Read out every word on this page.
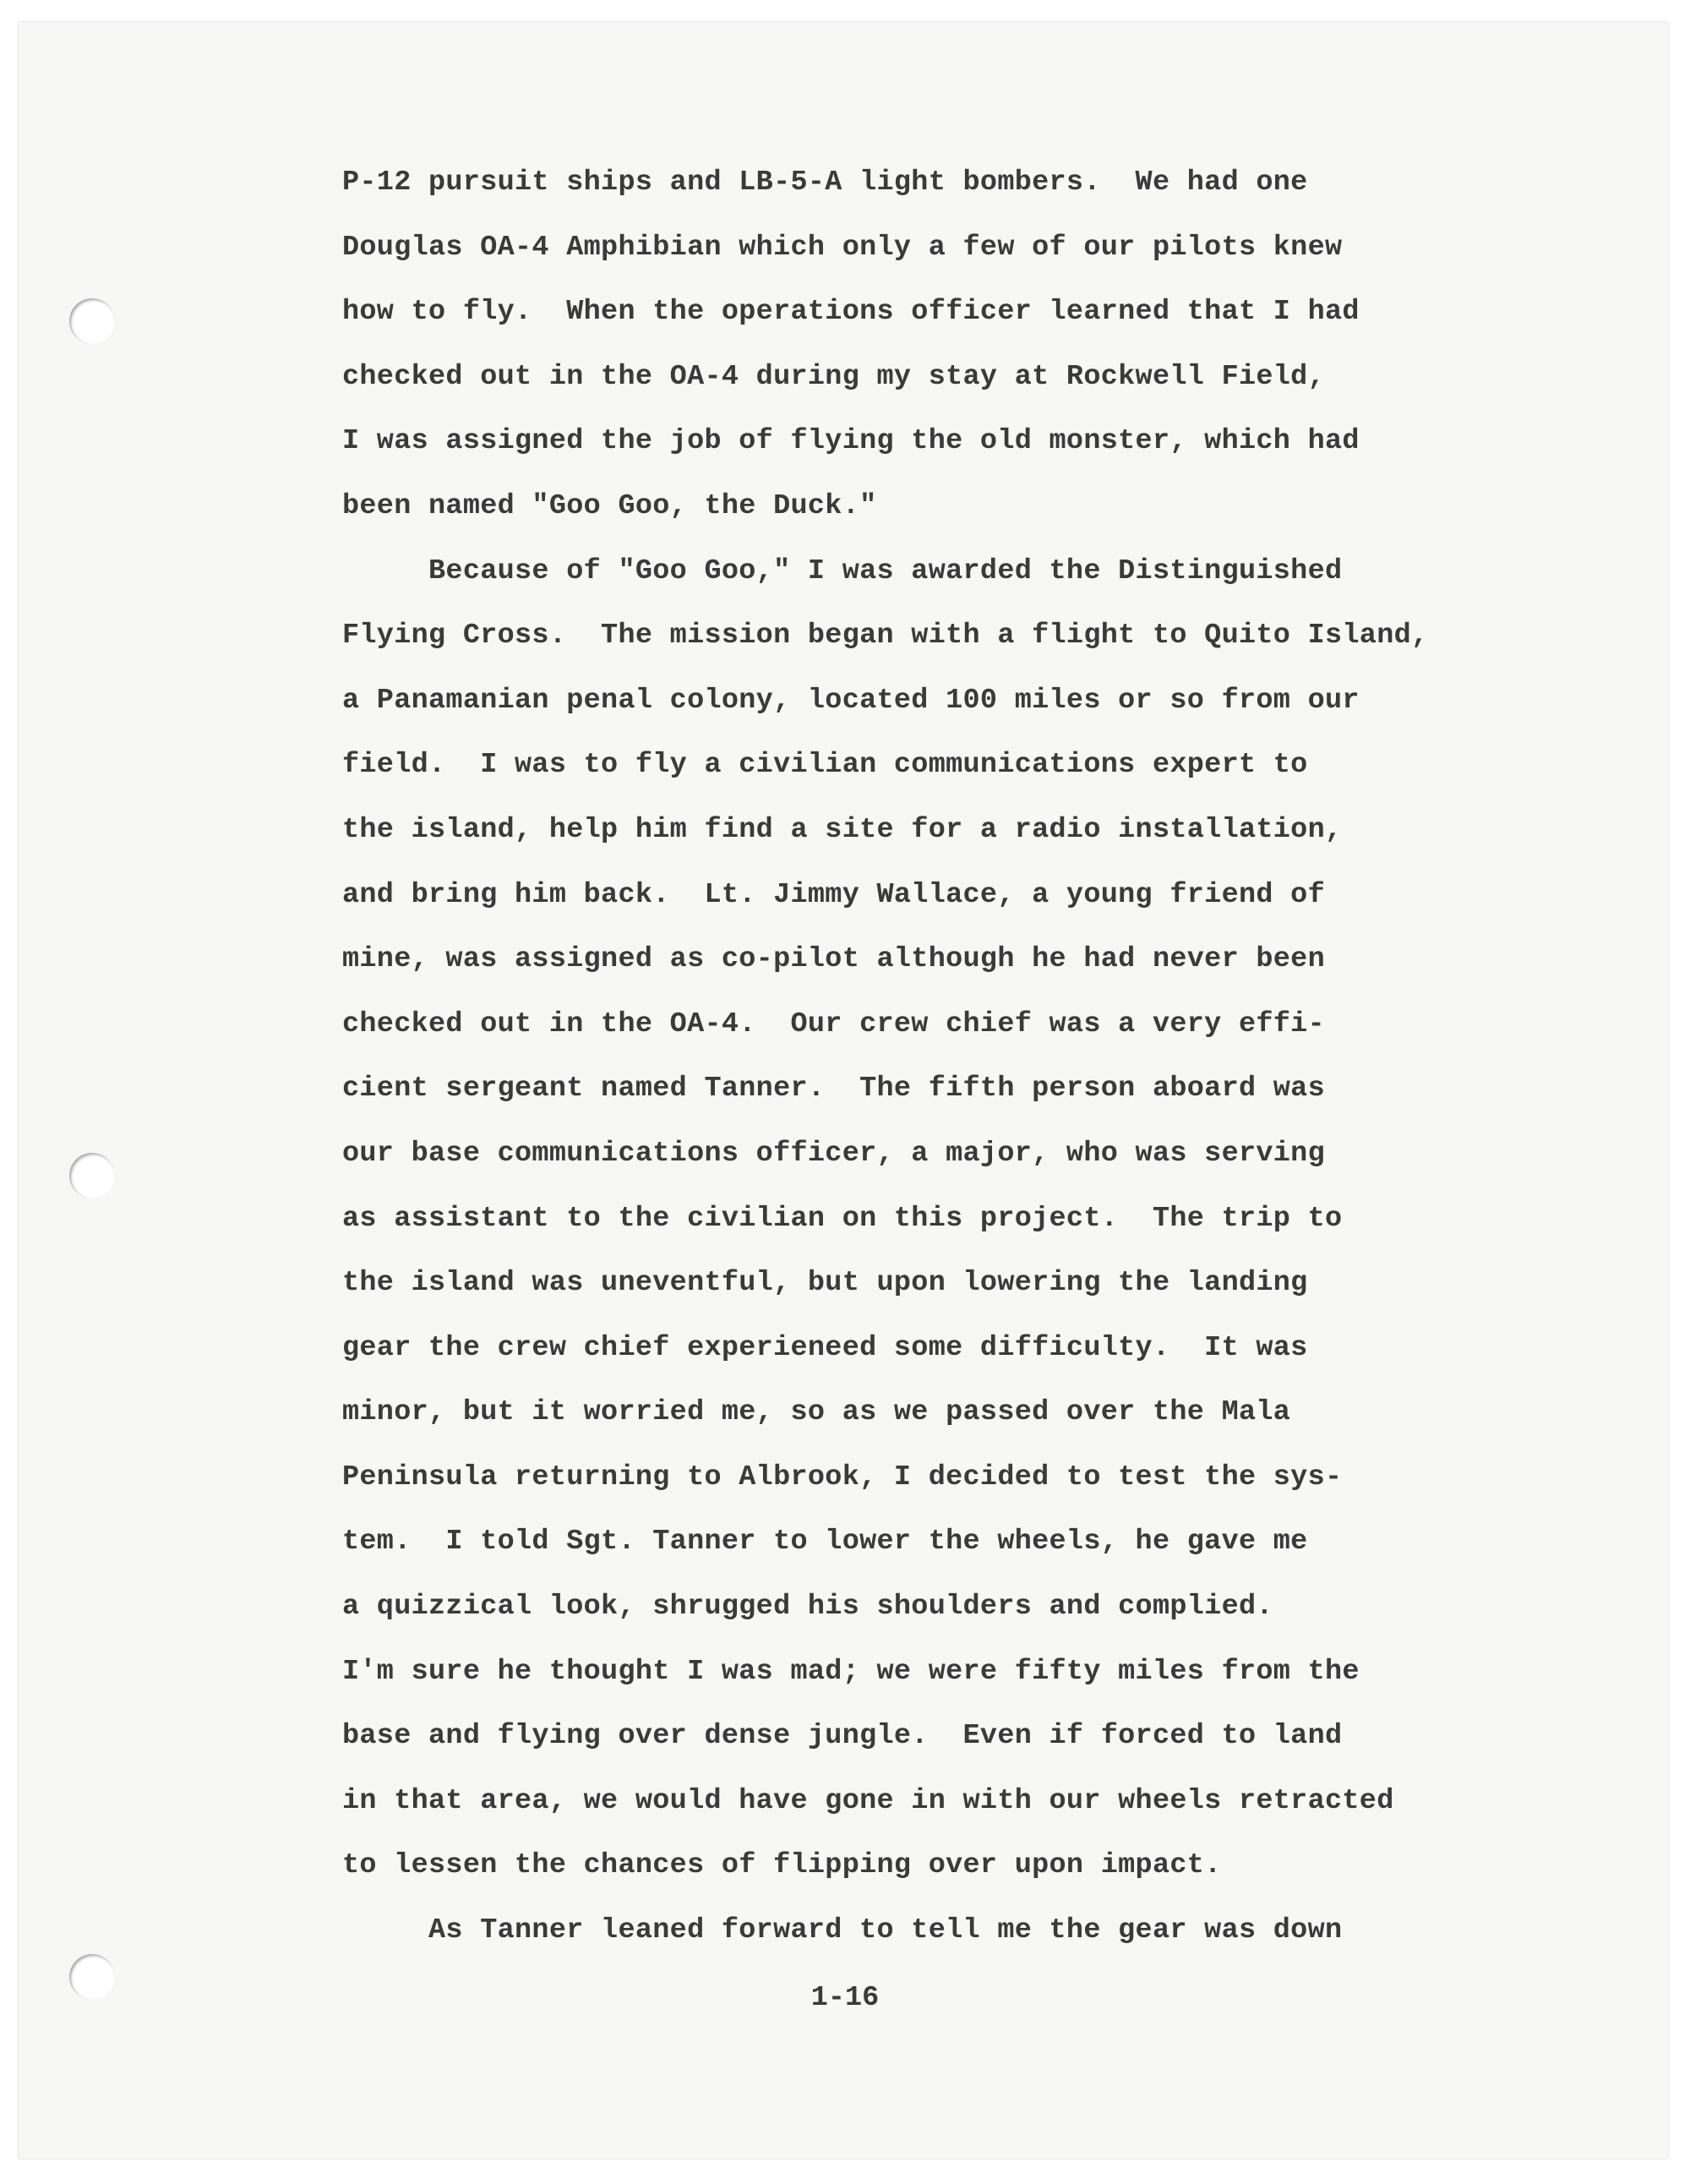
P-12 pursuit ships and LB-5-A light bombers.  We had one
Douglas OA-4 Amphibian which only a few of our pilots knew
how to fly.  When the operations officer learned that I had
checked out in the OA-4 during my stay at Rockwell Field,
I was assigned the job of flying the old monster, which had
been named "Goo Goo, the Duck."
Because of "Goo Goo," I was awarded the Distinguished
Flying Cross.  The mission began with a flight to Quito Island,
a Panamanian penal colony, located 100 miles or so from our
field.  I was to fly a civilian communications expert to
the island, help him find a site for a radio installation,
and bring him back.  Lt. Jimmy Wallace, a young friend of
mine, was assigned as co-pilot although he had never been
checked out in the OA-4.  Our crew chief was a very effi-
cient sergeant named Tanner.  The fifth person aboard was
our base communications officer, a major, who was serving
as assistant to the civilian on this project.  The trip to
the island was uneventful, but upon lowering the landing
gear the crew chief experieneed some difficulty.  It was
minor, but it worried me, so as we passed over the Mala
Peninsula returning to Albrook, I decided to test the sys-
tem.  I told Sgt. Tanner to lower the wheels, he gave me
a quizzical look, shrugged his shoulders and complied.
I'm sure he thought I was mad; we were fifty miles from the
base and flying over dense jungle.  Even if forced to land
in that area, we would have gone in with our wheels retracted
to lessen the chances of flipping over upon impact.
As Tanner leaned forward to tell me the gear was down
1-16
